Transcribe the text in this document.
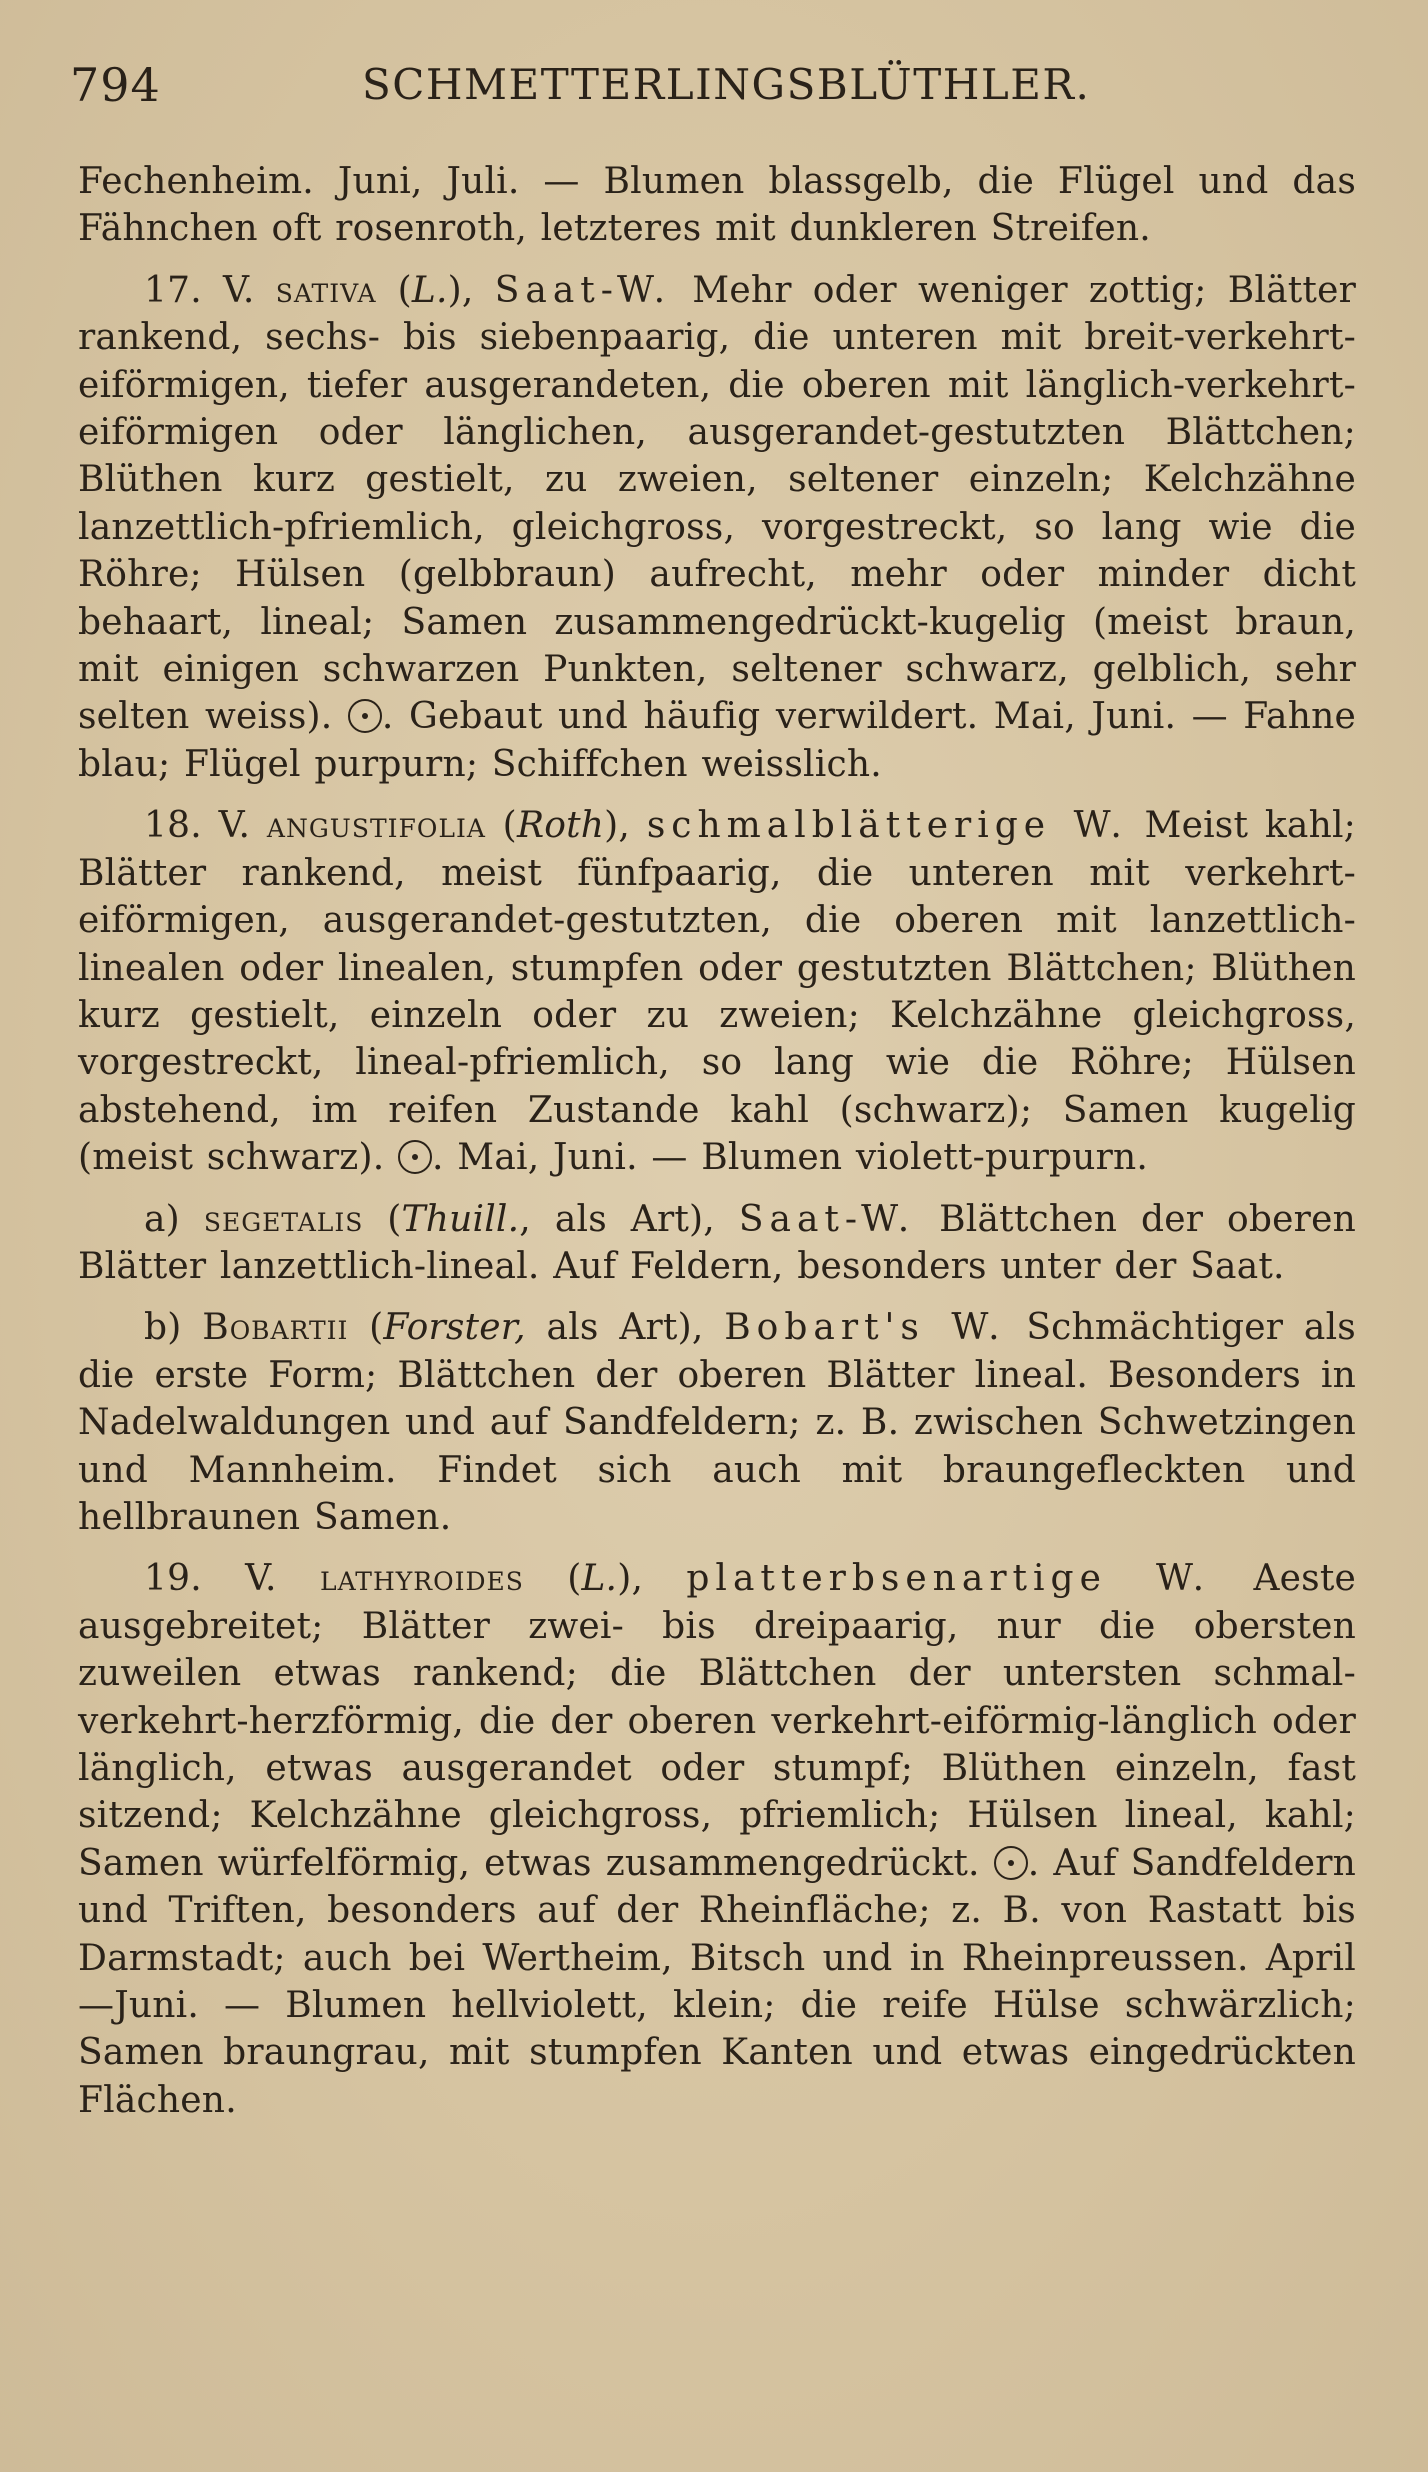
794	SCHMETTERLINGSBLÜTHLER.

Fechenheim. Juni, Juli. — Blumen blassgelb, die Flügel und das Fähnchen oft rosenroth, letzteres mit dunkleren Streifen.

17. V. sativa (L.), Saat-W. Mehr oder weniger zottig; Blätter rankend, sechs- bis siebenpaarig, die unteren mit breit-verkehrt-eiförmigen, tiefer ausgerandeten, die oberen mit länglich-verkehrt-eiförmigen oder länglichen, ausgerandet-gestutzten Blättchen; Blüthen kurz gestielt, zu zweien, seltener einzeln; Kelchzähne lanzettlich-pfriemlich, gleichgross, vorgestreckt, so lang wie die Röhre; Hülsen (gelbbraun) aufrecht, mehr oder minder dicht behaart, lineal; Samen zusammengedrückt-kugelig (meist braun, mit einigen schwarzen Punkten, seltener schwarz, gelblich, sehr selten weiss). . Gebaut und häufig verwildert. Mai, Juni. — Fahne blau; Flügel purpurn; Schiffchen weisslich.

18. V. angustifolia (Roth), schmalblätterige W. Meist kahl; Blätter rankend, meist fünfpaarig, die unteren mit verkehrt-eiförmigen, ausgerandet-gestutzten, die oberen mit lanzettlich-linealen oder linealen, stumpfen oder gestutzten Blättchen; Blüthen kurz gestielt, einzeln oder zu zweien; Kelchzähne gleichgross, vorgestreckt, lineal-pfriemlich, so lang wie die Röhre; Hülsen abstehend, im reifen Zustande kahl (schwarz); Samen kugelig (meist schwarz). . Mai, Juni. — Blumen violett-purpurn.

a) segetalis (Thuill., als Art), Saat-W. Blättchen der oberen Blätter lanzettlich-lineal. Auf Feldern, besonders unter der Saat.

b) Bobartii (Forster, als Art), Bobart's W. Schmächtiger als die erste Form; Blättchen der oberen Blätter lineal. Besonders in Nadelwaldungen und auf Sandfeldern; z. B. zwischen Schwetzingen und Mannheim. Findet sich auch mit braungefleckten und hellbraunen Samen.

19. V. lathyroides (L.), platterbsenartige W. Aeste ausgebreitet; Blätter zwei- bis dreipaarig, nur die obersten zuweilen etwas rankend; die Blättchen der untersten schmal-verkehrt-herzförmig, die der oberen verkehrt-eiförmig-länglich oder länglich, etwas ausgerandet oder stumpf; Blüthen einzeln, fast sitzend; Kelchzähne gleichgross, pfriemlich; Hülsen lineal, kahl; Samen würfelförmig, etwas zusammengedrückt. . Auf Sandfeldern und Triften, besonders auf der Rheinfläche; z. B. von Rastatt bis Darmstadt; auch bei Wertheim, Bitsch und in Rheinpreussen. April—Juni. — Blumen hellviolett, klein; die reife Hülse schwärzlich; Samen braungrau, mit stumpfen Kanten und etwas eingedrückten Flächen.
